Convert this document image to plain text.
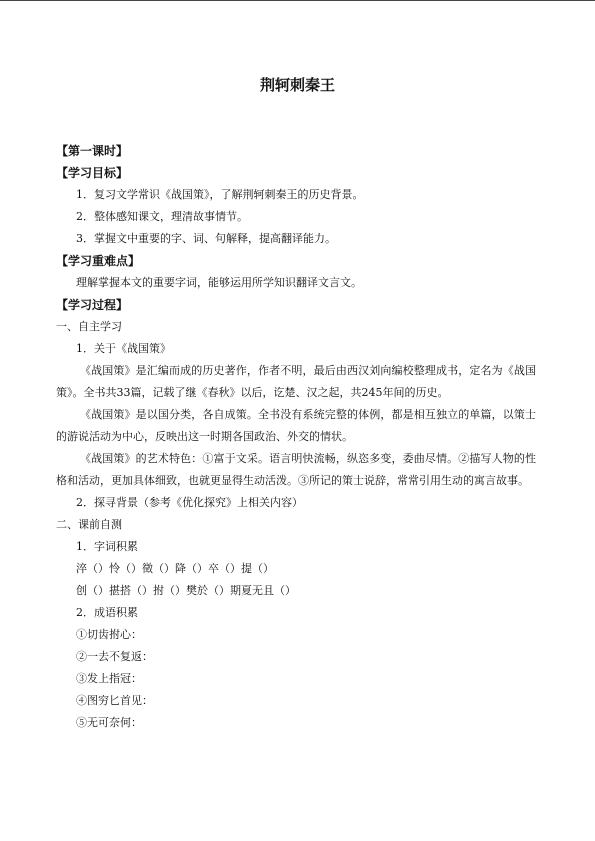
荆轲刺秦王
【第一课时】
【学习目标】
1．复习文学常识《战国策》，了解荆轲刺秦王的历史背景。
2．整体感知课文，理清故事情节。
3．掌握文中重要的字、词、句解释，提高翻译能力。
【学习重难点】
理解掌握本文的重要字词，能够运用所学知识翻译文言文。
【学习过程】
一、自主学习
1．关于《战国策》
《战国策》是汇编而成的历史著作，作者不明，最后由西汉刘向编校整理成书，定名为《战国策》。全书共33篇，记载了继《春秋》以后，讫楚、汉之起，共245年间的历史。
《战国策》是以国分类，各自成策。全书没有系统完整的体例，都是相互独立的单篇，以策士的游说活动为中心，反映出这一时期各国政治、外交的情状。
《战国策》的艺术特色：①富于文采。语言明快流畅，纵恣多变，委曲尽情。②描写人物的性格和活动，更加具体细致，也就更显得生动活泼。③所记的策士说辞，常常引用生动的寓言故事。
2．探寻背景（参考《优化探究》上相关内容）
二、课前自测
1．字词积累
淬（）怜（）徵（）降（）卒（）提（）
创（）揕搭（）拊（）樊於（）期夏无且（）
2．成语积累
①切齿拊心：
②一去不复返：
③发上指冠：
④图穷匕首见：
⑤无可奈何：
